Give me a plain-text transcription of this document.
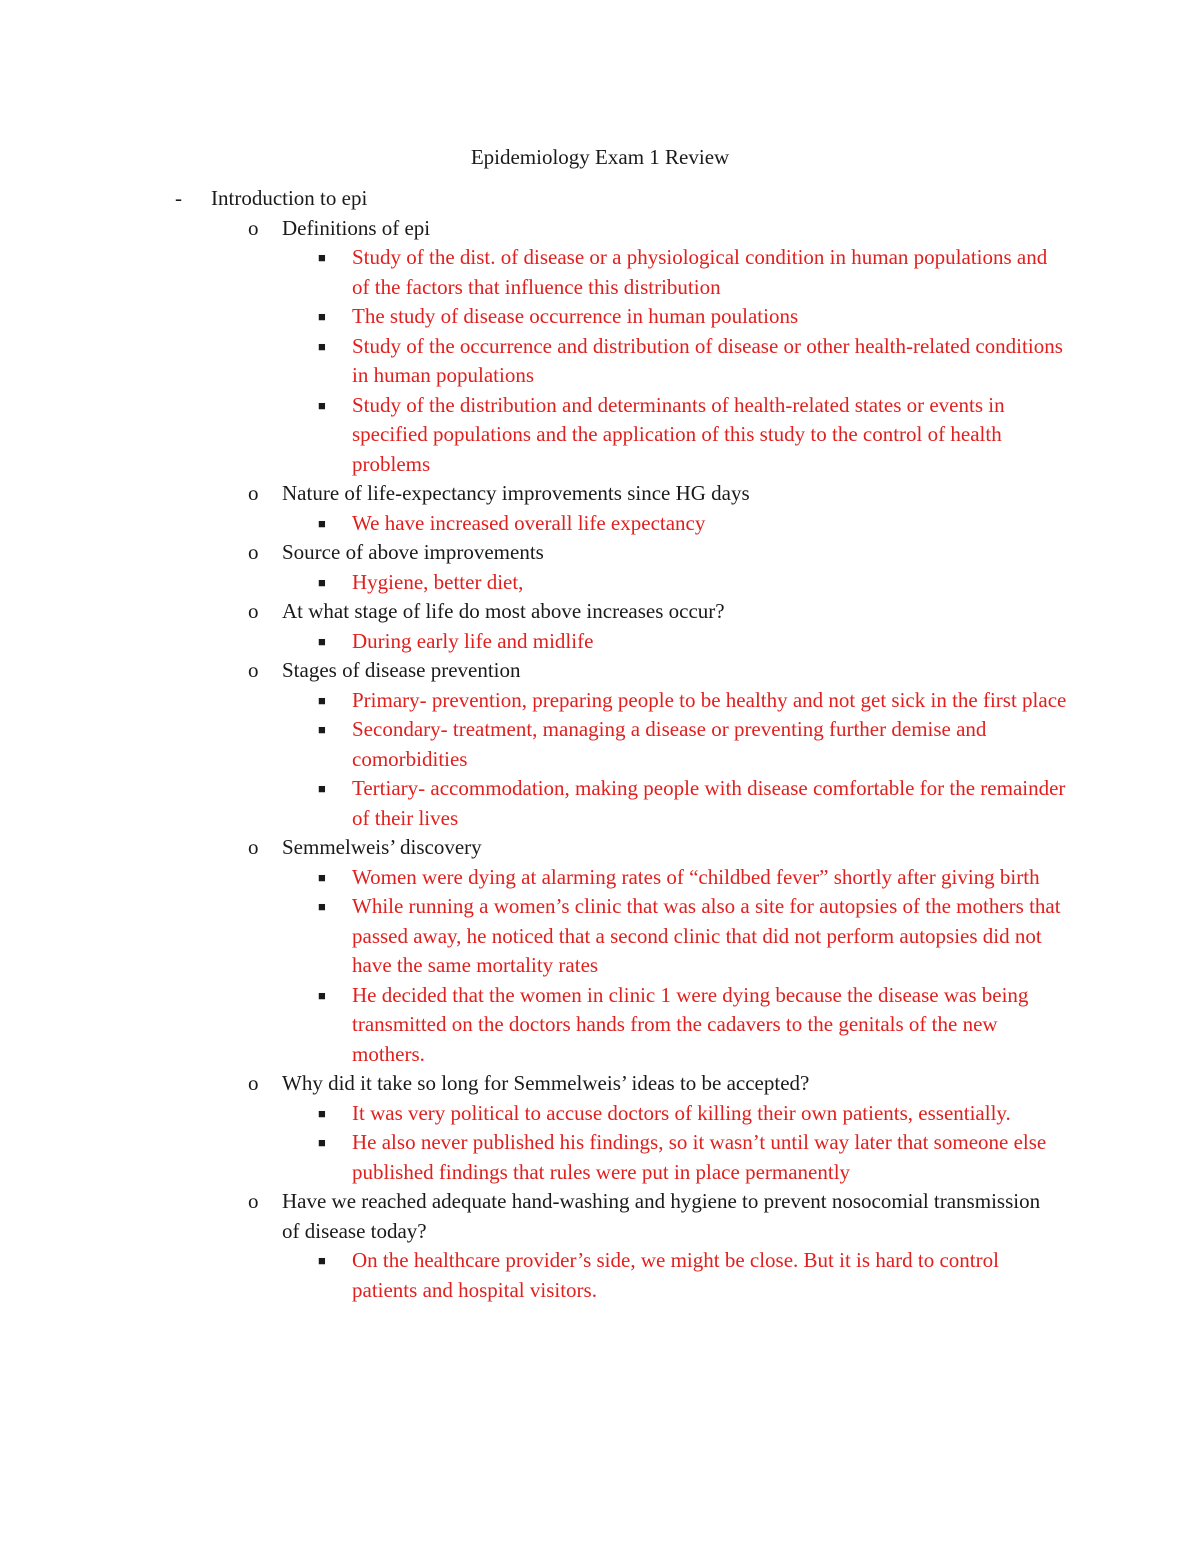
Epidemiology Exam 1 Review
- Introduction to epi
o Definitions of epi
■ Study of the dist. of disease or a physiological condition in human populations and of the factors that influence this distribution
■ The study of disease occurrence in human poulations
■ Study of the occurrence and distribution of disease or other health-related conditions in human populations
■ Study of the distribution and determinants of health-related states or events in specified populations and the application of this study to the control of health problems
o Nature of life-expectancy improvements since HG days
■ We have increased overall life expectancy
o Source of above improvements
■ Hygiene, better diet,
o At what stage of life do most above increases occur?
■ During early life and midlife
o Stages of disease prevention
■ Primary- prevention, preparing people to be healthy and not get sick in the first place
■ Secondary- treatment, managing a disease or preventing further demise and comorbidities
■ Tertiary- accommodation, making people with disease comfortable for the remainder of their lives
o Semmelweis’ discovery
■ Women were dying at alarming rates of “childbed fever” shortly after giving birth
■ While running a women’s clinic that was also a site for autopsies of the mothers that passed away, he noticed that a second clinic that did not perform autopsies did not have the same mortality rates
■ He decided that the women in clinic 1 were dying because the disease was being transmitted on the doctors hands from the cadavers to the genitals of the new mothers.
o Why did it take so long for Semmelweis’ ideas to be accepted?
■ It was very political to accuse doctors of killing their own patients, essentially.
■ He also never published his findings, so it wasn’t until way later that someone else published findings that rules were put in place permanently
o Have we reached adequate hand-washing and hygiene to prevent nosocomial transmission of disease today?
■ On the healthcare provider’s side, we might be close. But it is hard to control patients and hospital visitors.
